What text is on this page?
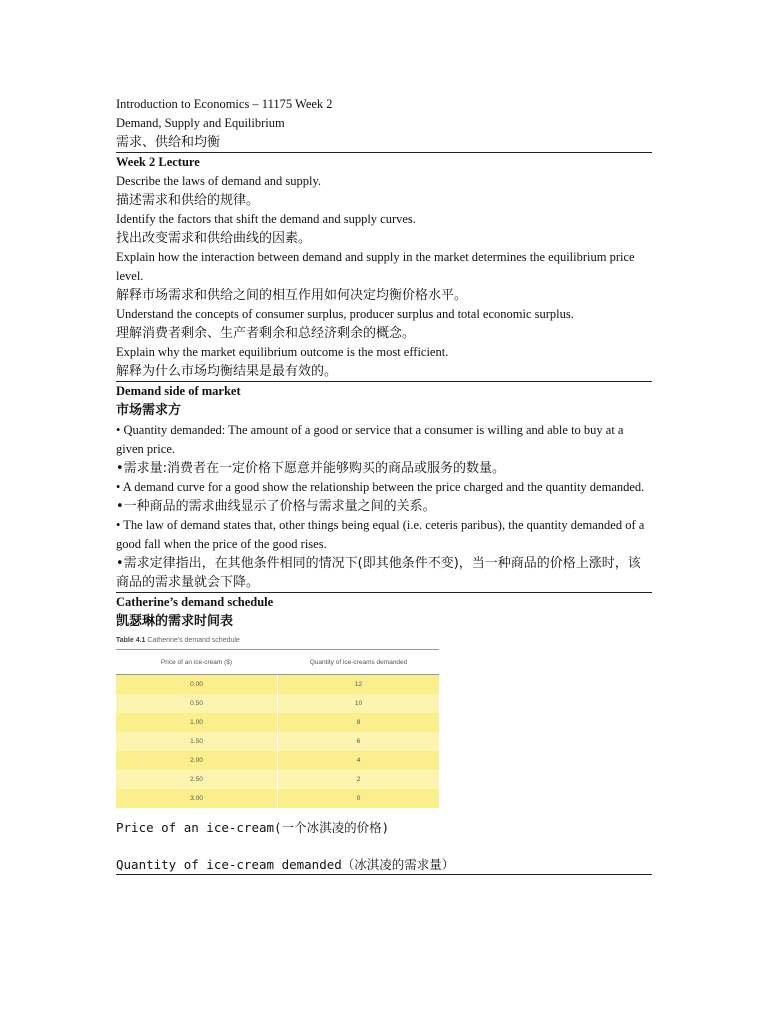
Introduction to Economics – 11175 Week 2
Demand, Supply and Equilibrium
需求、供给和均衡
Week 2 Lecture
Describe the laws of demand and supply.
描述需求和供给的规律。
Identify the factors that shift the demand and supply curves.
找出改变需求和供给曲线的因素。
Explain how the interaction between demand and supply in the market determines the equilibrium price level.
解释市场需求和供给之间的相互作用如何决定均衡价格水平。
Understand the concepts of consumer surplus, producer surplus and total economic surplus.
理解消费者剩余、生产者剩余和总经济剩余的概念。
Explain why the market equilibrium outcome is the most efficient.
解释为什么市场均衡结果是最有效的。
Demand side of market
市场需求方
• Quantity demanded: The amount of a good or service that a consumer is willing and able to buy at a given price.
•需求量:消费者在一定价格下愿意并能够购买的商品或服务的数量。
• A demand curve for a good show the relationship between the price charged and the quantity demanded.
•一种商品的需求曲线显示了价格与需求量之间的关系。
• The law of demand states that, other things being equal (i.e. ceteris paribus), the quantity demanded of a good fall when the price of the good rises.
•需求定律指出，在其他条件相同的情况下(即其他条件不变)，当一种商品的价格上涨时，该商品的需求量就会下降。
Catherine’s demand schedule
凯瑟琳的需求时间表
Table 4.1 Catherine's demand schedule
Price of an ice-cream ($)	Quantity of ice-creams demanded
0.00	12
0.50	10
1.00	8
1.50	6
2.00	4
2.50	2
3.00	0
Price of an ice-cream(一个冰淇凌的价格)
Quantity of ice-cream demanded（冰淇凌的需求量）
